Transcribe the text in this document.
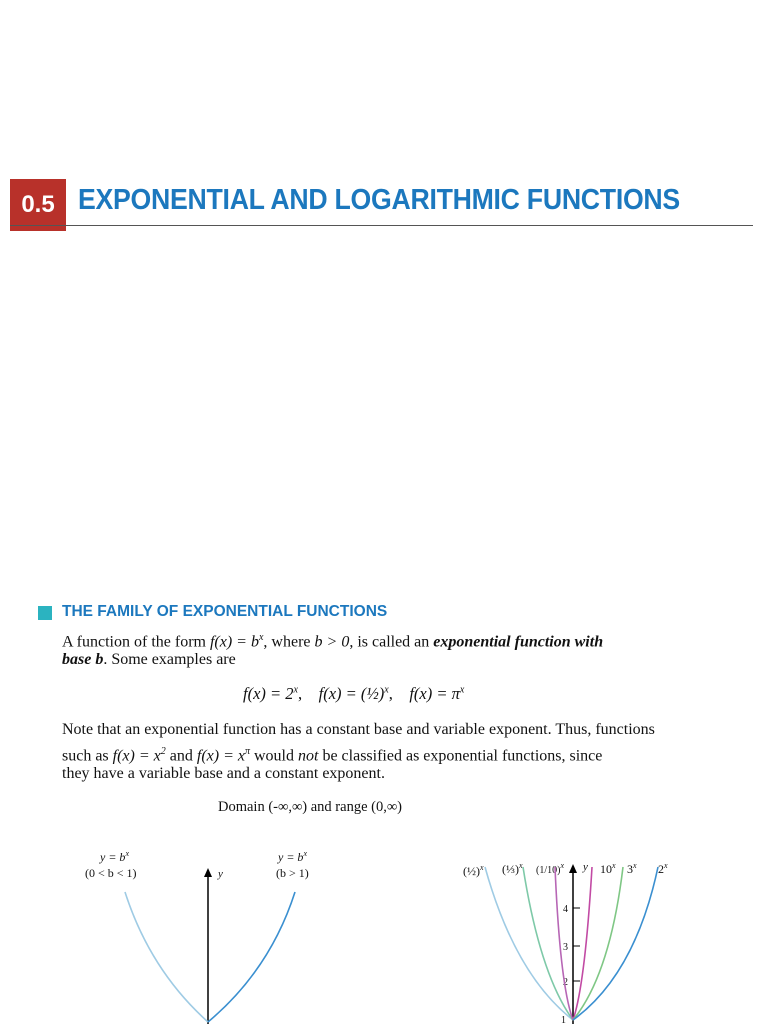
0.5 EXPONENTIAL AND LOGARITHMIC FUNCTIONS
THE FAMILY OF EXPONENTIAL FUNCTIONS
A function of the form $f(x) = b^x$, where b > 0, is called an exponential function with
base b. Some examples are
$f(x) = 2^x$,    f(x) = (½)$^x$,    $f(x) = \pi^x$
Note that an exponential function has a constant base and variable exponent. Thus, functions
such as $f(x) = x^2$ and $f(x) = x^\pi$ would not be classified as exponential functions, since
they have a variable base and a constant exponent.
Domain (-∞,∞) and range (0,∞)
$y = b^x$
(0 < b < 1)
$y = b^x$
(b > 1)
y	(½)$^x$ (⅓)$^x$ $(1/10)^x$	10$^x$ 3$^x$ 2$^x$
y
1
2
3
4
